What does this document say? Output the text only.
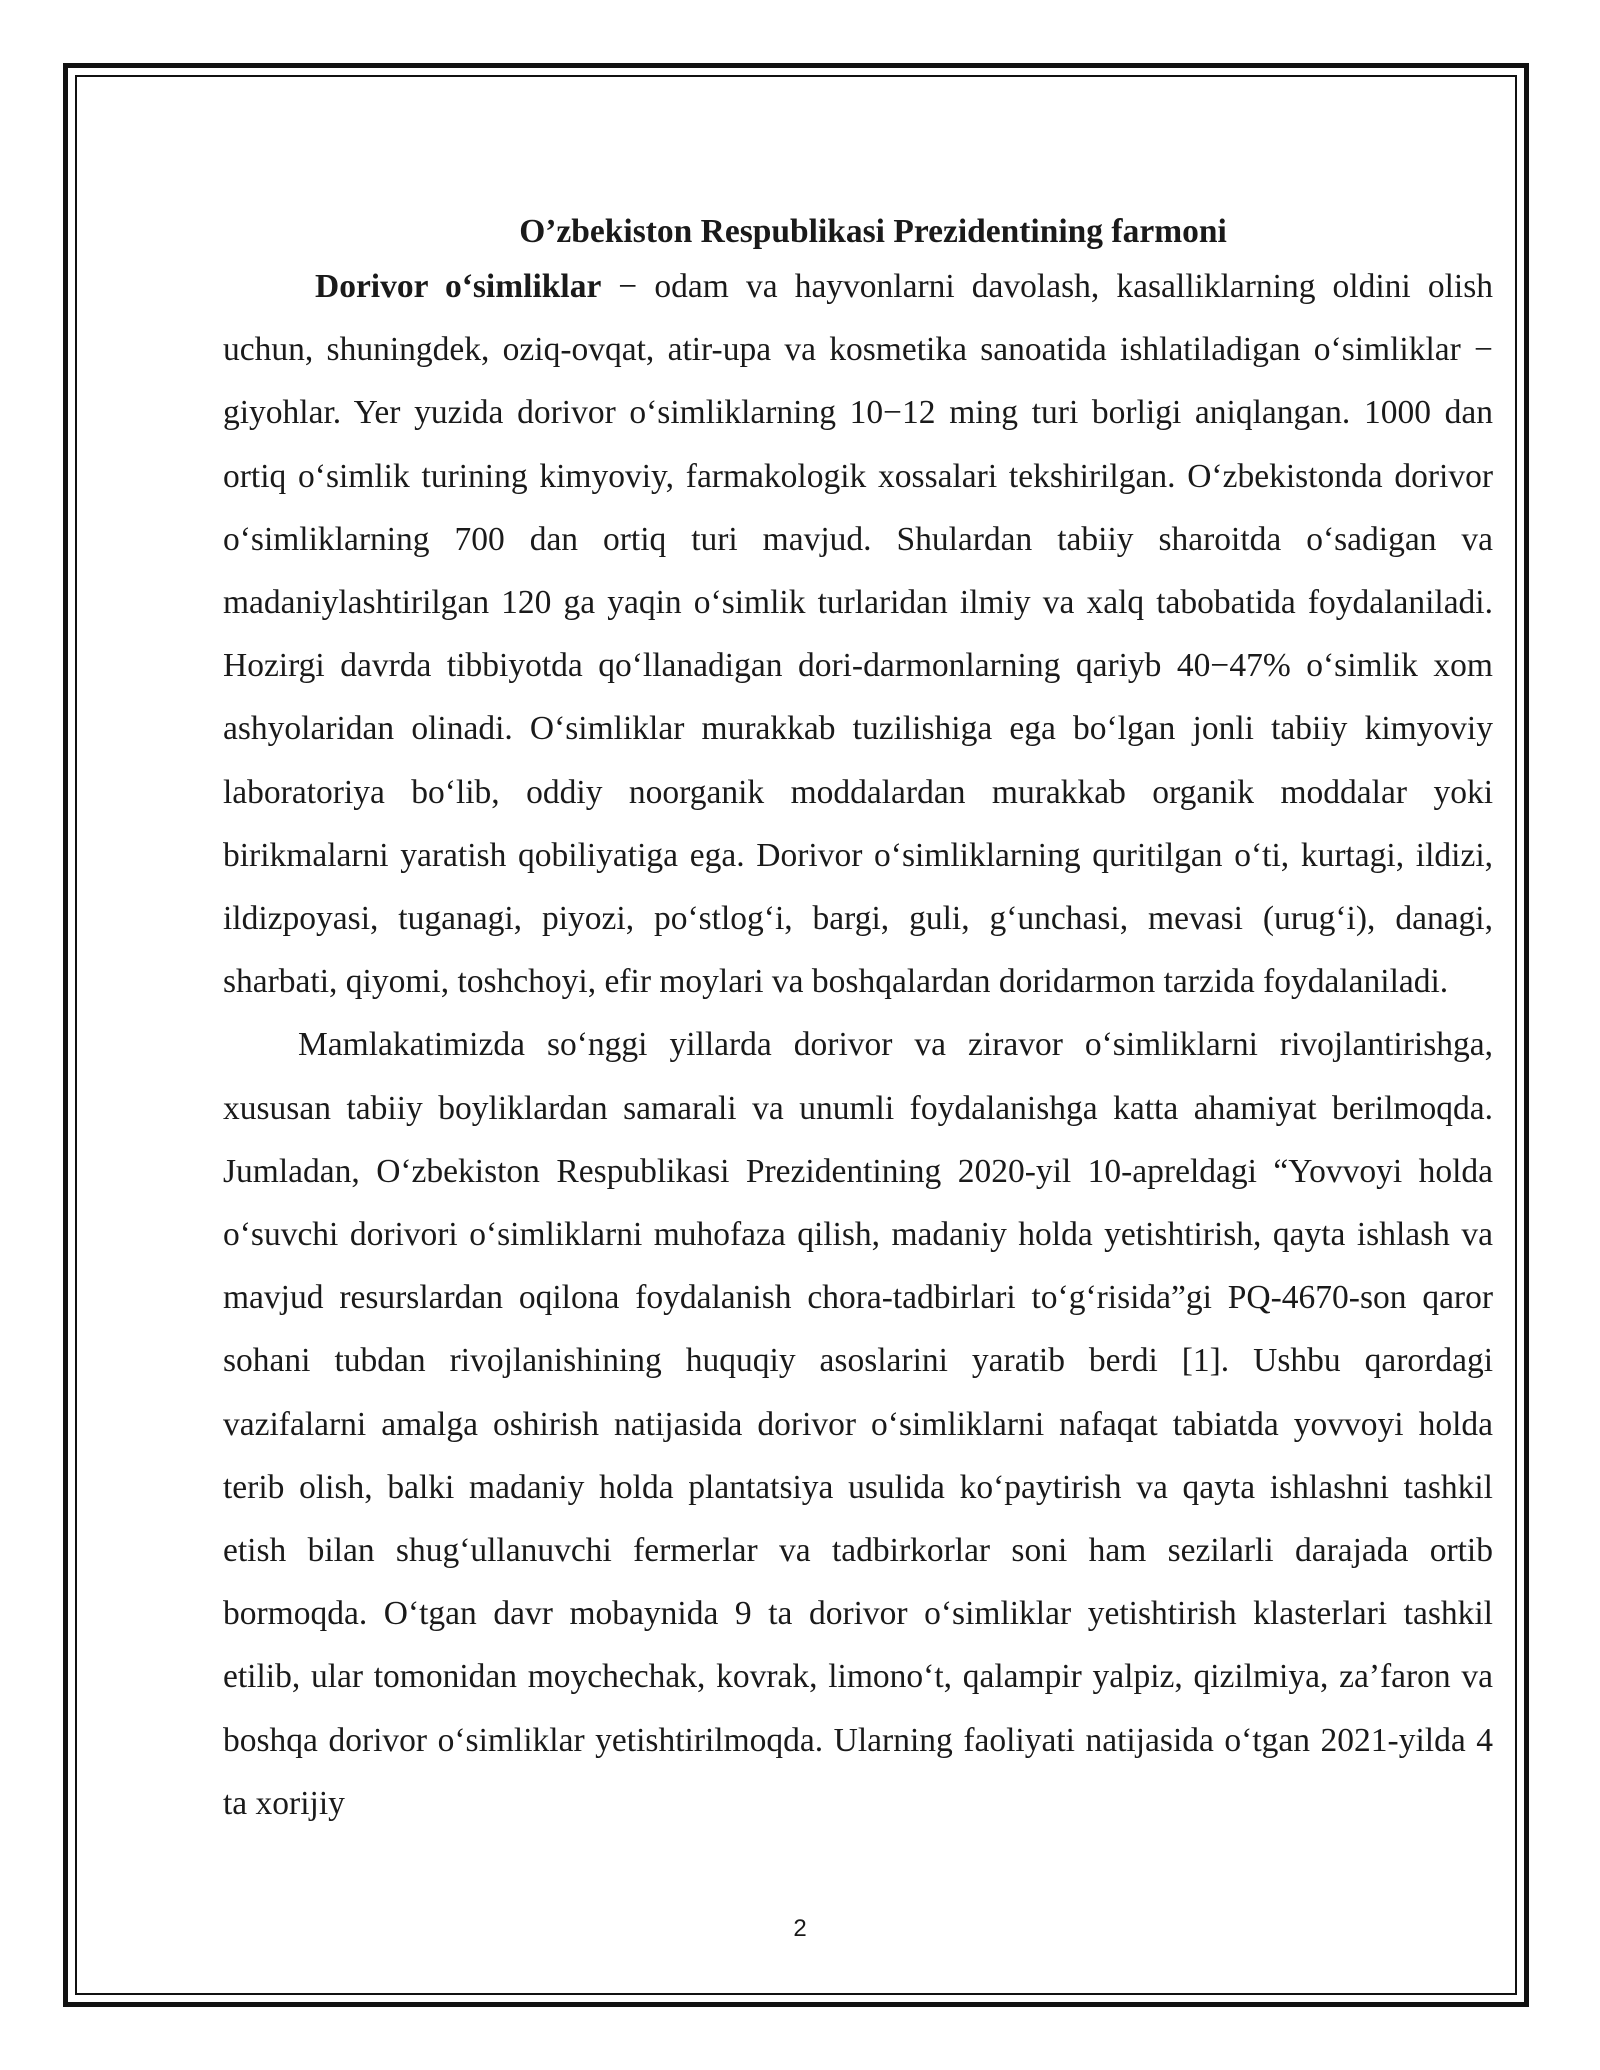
O’zbekiston Respublikasi Prezidentining farmoni

Dorivor o‘simliklar − odam va hayvonlarni davolash, kasalliklarning oldini olish uchun, shuningdek, oziq-ovqat, atir-upa va kosmetika sanoatida ishlatiladigan o‘simliklar − giyohlar. Yer yuzida dorivor o‘simliklarning 10−12 ming turi borligi aniqlangan. 1000 dan ortiq o‘simlik turining kimyoviy, farmakologik xossalari tekshirilgan. O‘zbekistonda dorivor o‘simliklarning 700 dan ortiq turi mavjud. Shulardan tabiiy sharoitda o‘sadigan va madaniylashtirilgan 120 ga yaqin o‘simlik turlaridan ilmiy va xalq tabobatida foydalaniladi. Hozirgi davrda tibbiyotda qo‘llanadigan dori-darmonlarning qariyb 40−47% o‘simlik xom ashyolaridan olinadi. O‘simliklar murakkab tuzilishiga ega bo‘lgan jonli tabiiy kimyoviy laboratoriya bo‘lib, oddiy noorganik moddalardan murakkab organik moddalar yoki birikmalarni yaratish qobiliyatiga ega. Dorivor o‘simliklarning quritilgan o‘ti, kurtagi, ildizi, ildizpoyasi, tuganagi, piyozi, po‘stlog‘i, bargi, guli, g‘unchasi, mevasi (urug‘i), danagi, sharbati, qiyomi, toshchoyi, efir moylari va boshqalardan doridarmon tarzida foydalaniladi.

Mamlakatimizda so‘nggi yillarda dorivor va ziravor o‘simliklarni rivojlantirishga, xususan tabiiy boyliklardan samarali va unumli foydalanishga katta ahamiyat berilmoqda. Jumladan, O‘zbekiston Respublikasi Prezidentining 2020-yil 10-apreldagi “Yovvoyi holda o‘suvchi dorivori o‘simliklarni muhofaza qilish, madaniy holda yetishtirish, qayta ishlash va mavjud resurslardan oqilona foydalanish chora-tadbirlari to‘g‘risida”gi PQ-4670-son qaror sohani tubdan rivojlanishining huquqiy asoslarini yaratib berdi [1]. Ushbu qarordagi vazifalarni amalga oshirish natijasida dorivor o‘simliklarni nafaqat tabiatda yovvoyi holda terib olish, balki madaniy holda plantatsiya usulida ko‘paytirish va qayta ishlashni tashkil etish bilan shug‘ullanuvchi fermerlar va tadbirkorlar soni ham sezilarli darajada ortib bormoqda. O‘tgan davr mobaynida 9 ta dorivor o‘simliklar yetishtirish klasterlari tashkil etilib, ular tomonidan moychechak, kovrak, limono‘t, qalampir yalpiz, qizilmiya, za’faron va boshqa dorivor o‘simliklar yetishtirilmoqda. Ularning faoliyati natijasida o‘tgan 2021-yilda 4 ta xorijiy

2
